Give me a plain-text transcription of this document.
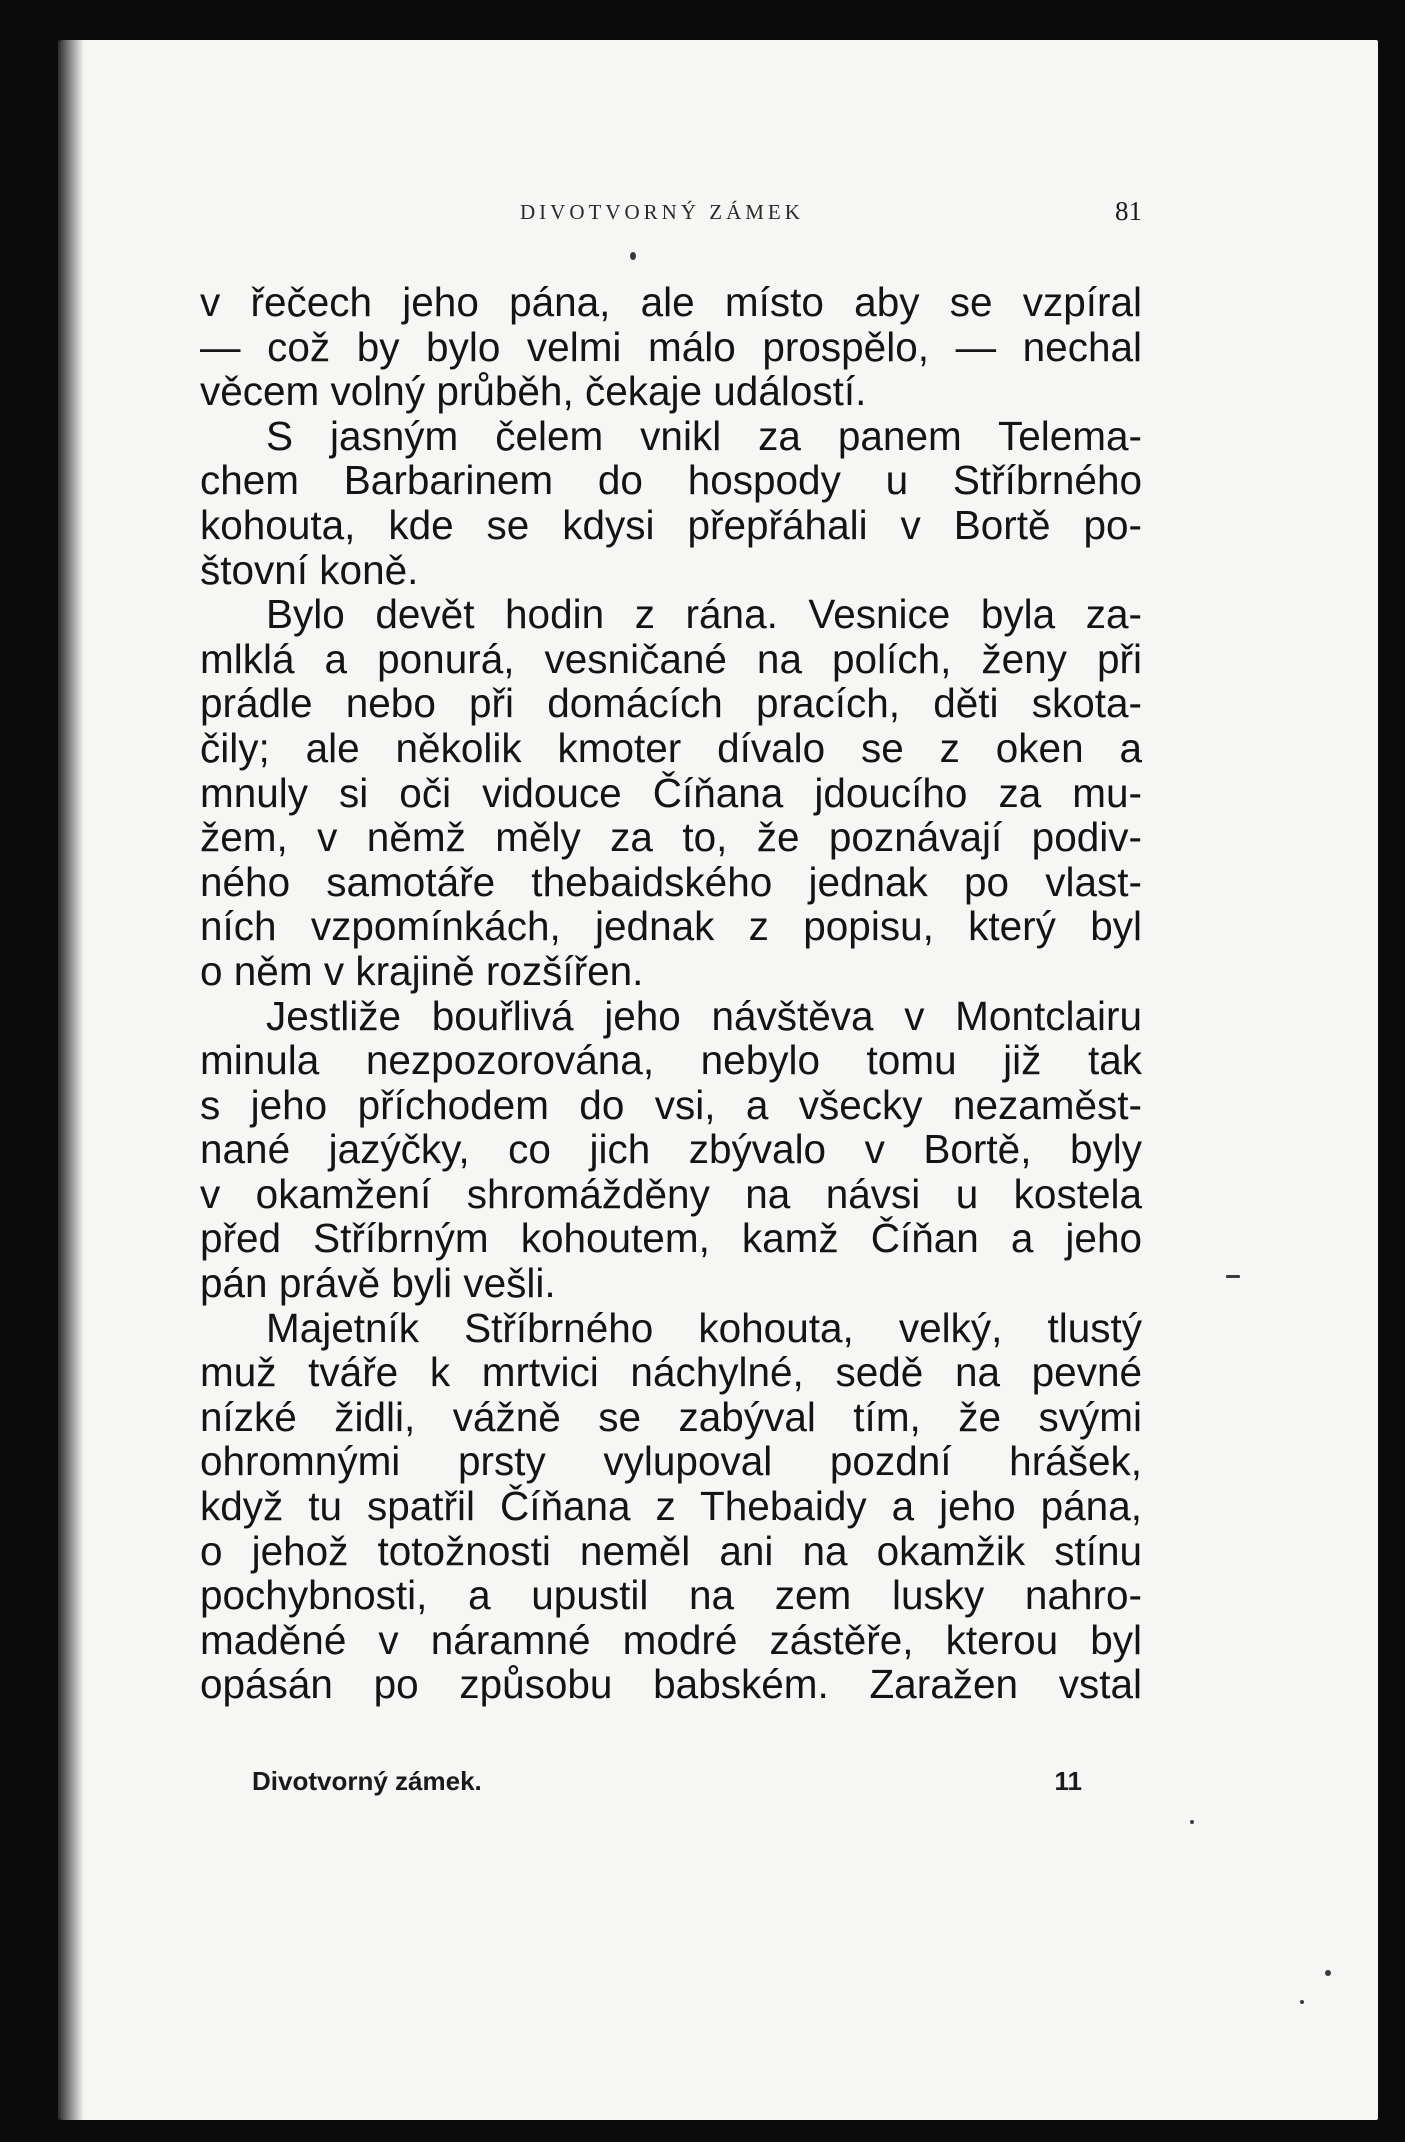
DIVOTVORNÝ ZÁMEK	81
v řečech jeho pána, ale místo aby se vzpíral
— což by bylo velmi málo prospělo, — nechal
věcem volný průběh, čekaje událostí.
S jasným čelem vnikl za panem Telema-
chem Barbarinem do hospody u Stříbrného
kohouta, kde se kdysi přepřáhali v Bortě po-
štovní koně.
Bylo devět hodin z rána. Vesnice byla za-
mlklá a ponurá, vesničané na polích, ženy při
prádle nebo při domácích pracích, děti skota-
čily; ale několik kmoter dívalo se z oken a
mnuly si oči vidouce Číňana jdoucího za mu-
žem, v němž měly za to, že poznávají podiv-
ného samotáře thebaidského jednak po vlast-
ních vzpomínkách, jednak z popisu, který byl
o něm v krajině rozšířen.
Jestliže bouřlivá jeho návštěva v Montclairu
minula nezpozorována, nebylo tomu již tak
s jeho příchodem do vsi, a všecky nezaměst-
nané jazýčky, co jich zbývalo v Bortě, byly
v okamžení shromážděny na návsi u kostela
před Stříbrným kohoutem, kamž Číňan a jeho
pán právě byli vešli.
Majetník Stříbrného kohouta, velký, tlustý
muž tváře k mrtvici náchylné, sedě na pevné
nízké židli, vážně se zabýval tím, že svými
ohromnými prsty vylupoval pozdní hrášek,
když tu spatřil Číňana z Thebaidy a jeho pána,
o jehož totožnosti neměl ani na okamžik stínu
pochybnosti, a upustil na zem lusky nahro-
maděné v náramné modré zástěře, kterou byl
opásán po způsobu babském. Zaražen vstal
Divotvorný zámek.	11
